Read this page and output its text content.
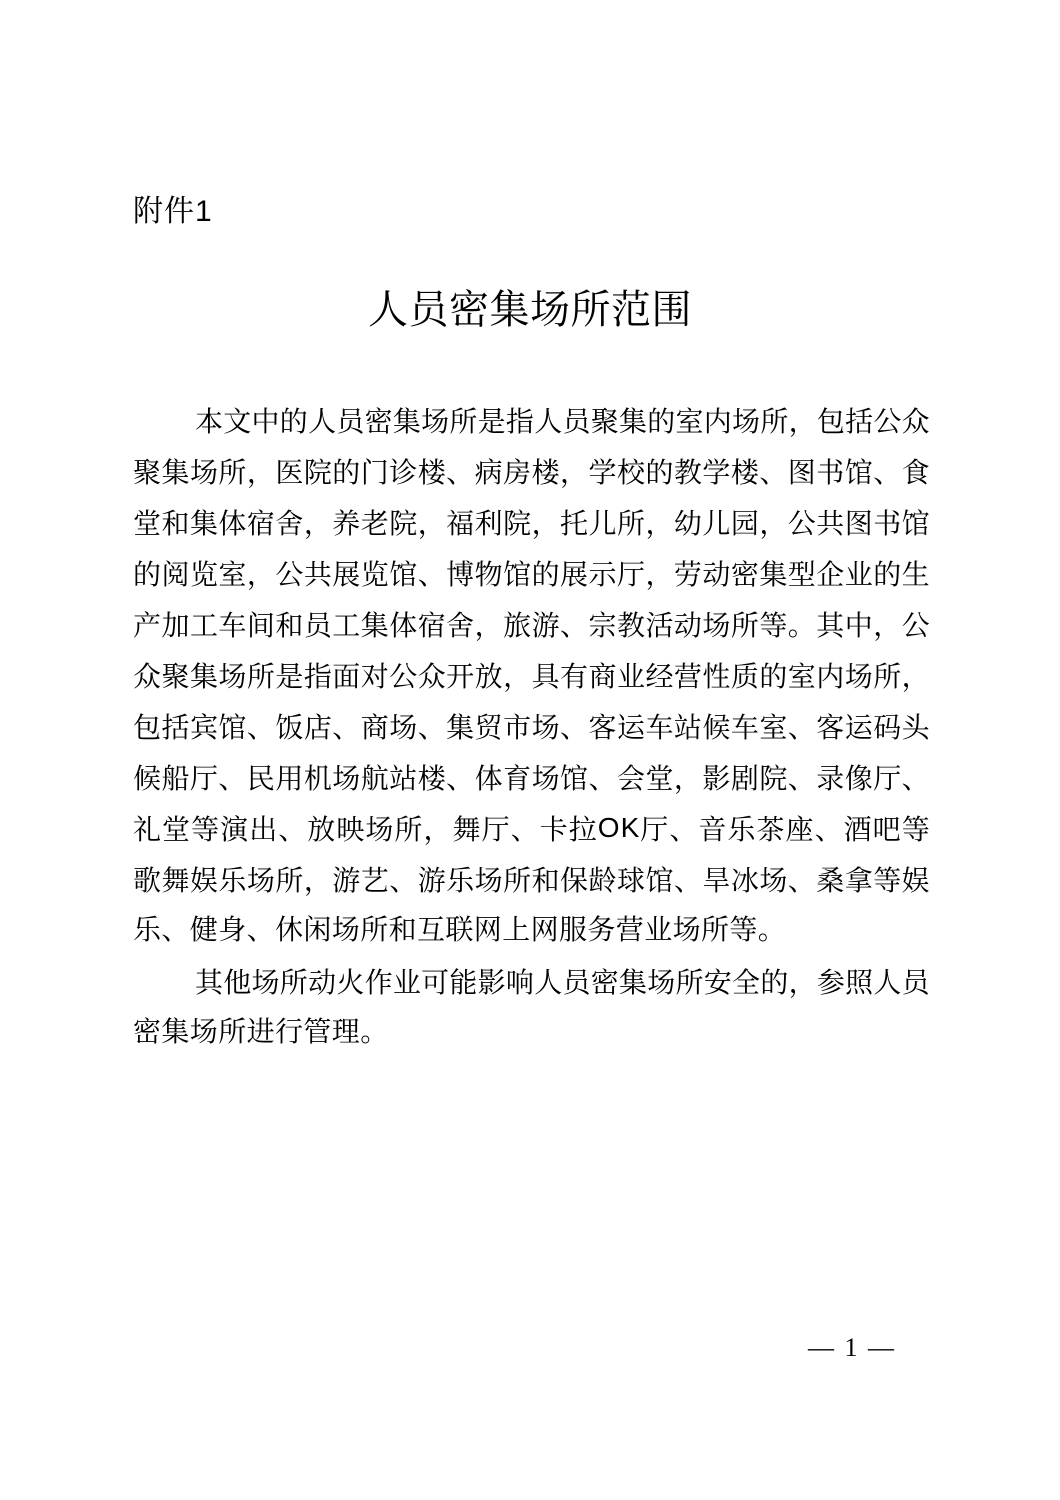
附件1
人员密集场所范围
本 文 中 的 人 员 密 集 场 所 是 指 人 员 聚 集 的 室 内 场 所 ， 包 括 公 众
聚 集 场 所 ， 医 院 的 门 诊 楼 、 病 房 楼 ， 学 校 的 教 学 楼 、 图 书 馆 、 食
堂 和 集 体 宿 舍 ， 养 老 院 ， 福 利 院 ， 托 儿 所 ， 幼 儿 园 ， 公 共 图 书 馆
的 阅 览 室 ， 公 共 展 览 馆 、 博 物 馆 的 展 示 厅 ， 劳 动 密 集 型 企 业 的 生
产 加 工 车 间 和 员 工 集 体 宿 舍 ， 旅 游 、 宗 教 活 动 场 所 等 。 其 中 ， 公
众 聚 集 场 所 是 指 面 对 公 众 开 放 ， 具 有 商 业 经 营 性 质 的 室 内 场 所 ，
包 括 宾 馆 、 饭 店 、 商 场 、 集 贸 市 场 、 客 运 车 站 候 车 室 、 客 运 码 头
候 船 厅 、 民 用 机 场 航 站 楼 、 体 育 场 馆 、 会 堂 ， 影 剧 院 、 录 像 厅 、
礼 堂 等 演 出 、 放 映 场 所 ， 舞 厅 、 卡 拉 O K 厅 、 音 乐 茶 座 、 酒 吧 等
歌 舞 娱 乐 场 所 ， 游 艺 、 游 乐 场 所 和 保 龄 球 馆 、 旱 冰 场 、 桑 拿 等 娱
乐、健身、休闲场所和互联网上网服务营业场所等。
其 他 场 所 动 火 作 业 可 能 影 响 人 员 密 集 场 所 安 全 的 ， 参 照 人 员
密集场所进行管理。
— 1 —
